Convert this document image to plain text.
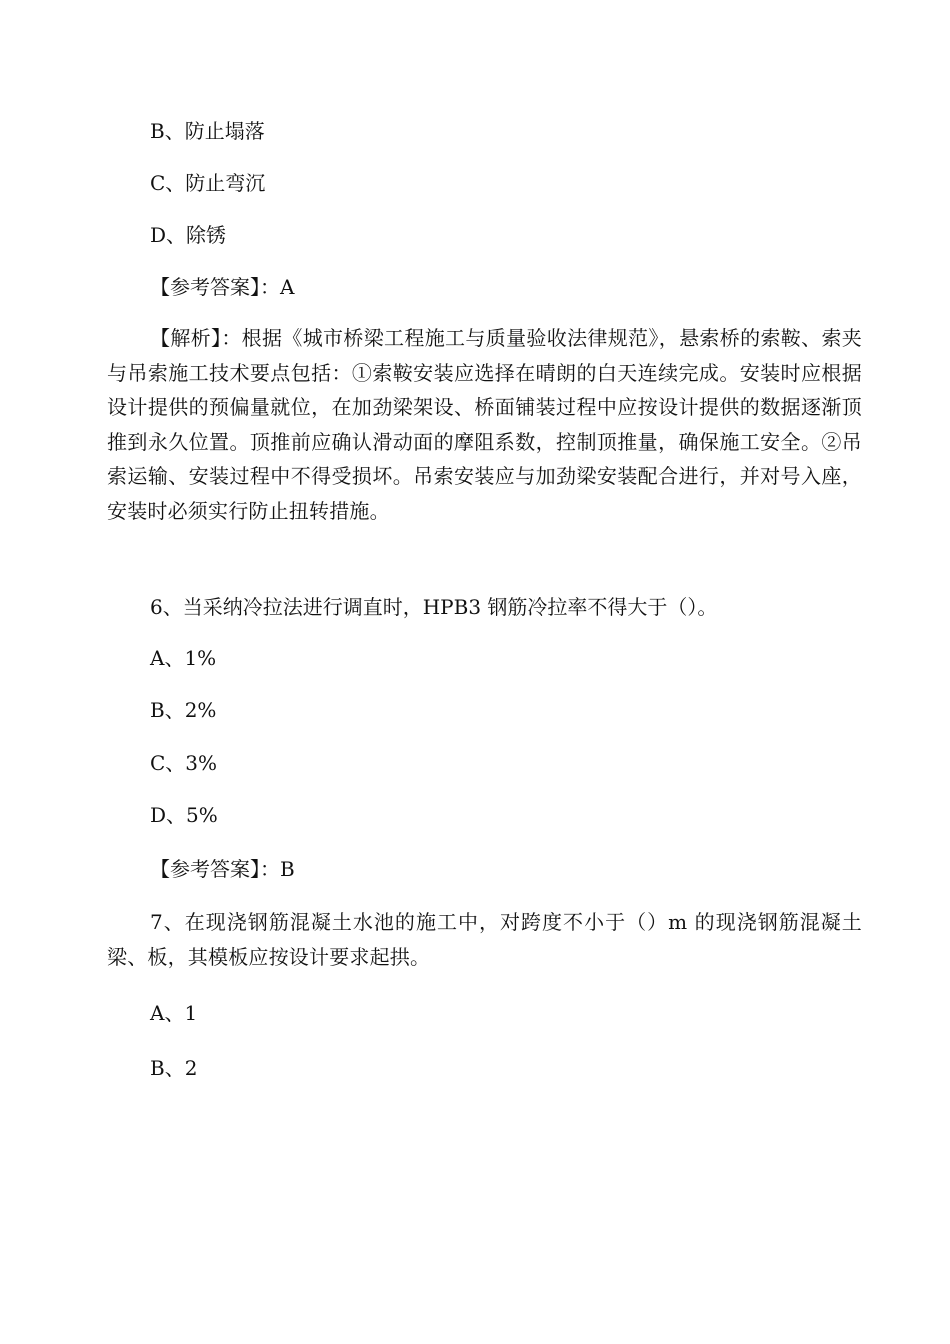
B、防止塌落
C、防止弯沉
D、除锈
【参考答案】：A
【解析】：根据《城市桥梁工程施工与质量验收法律规范》，悬索桥的索鞍、索夹与吊索施工技术要点包括：①索鞍安装应选择在晴朗的白天连续完成。安装时应根据设计提供的预偏量就位，在加劲梁架设、桥面铺装过程中应按设计提供的数据逐渐顶推到永久位置。顶推前应确认滑动面的摩阻系数，控制顶推量，确保施工安全。②吊索运输、安装过程中不得受损坏。吊索安装应与加劲梁安装配合进行，并对号入座，安装时必须实行防止扭转措施。
6、当采纳冷拉法进行调直时，HPB3 钢筋冷拉率不得大于（）。
A、1%
B、2%
C、3%
D、5%
【参考答案】：B
7、在现浇钢筋混凝土水池的施工中，对跨度不小于（）m 的现浇钢筋混凝土梁、板，其模板应按设计要求起拱。
A、1
B、2
